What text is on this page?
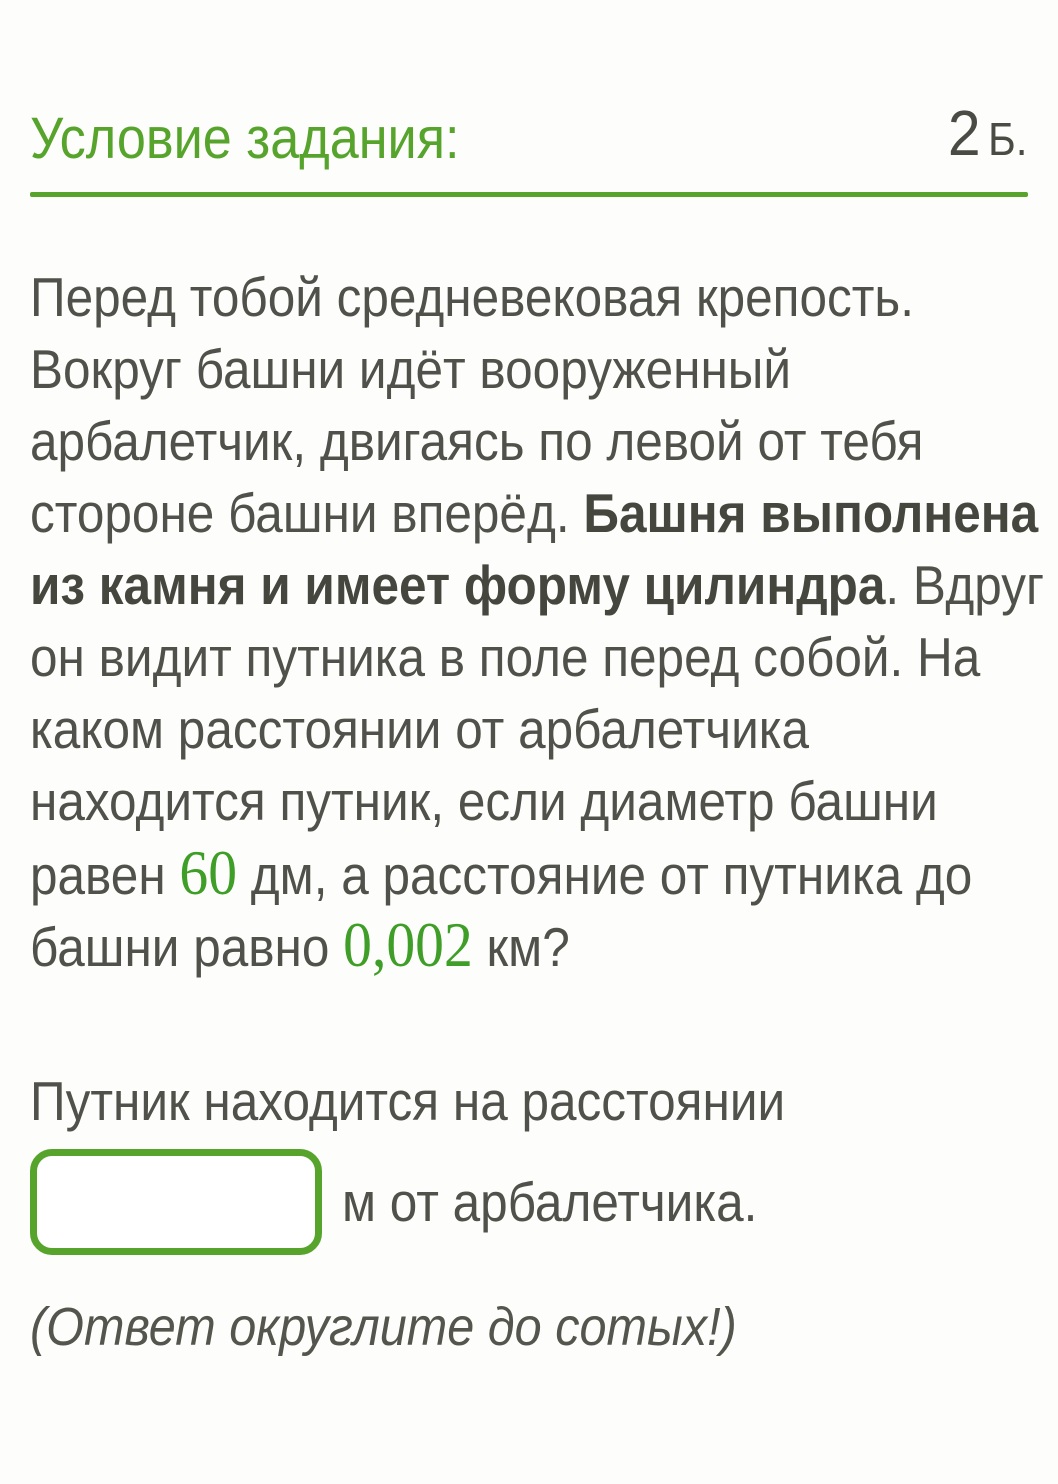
Условие задания:	2 Б.
Перед тобой средневековая крепость.
Вокруг башни идёт вооруженный
арбалетчик, двигаясь по левой от тебя
стороне башни вперёд. Башня выполнена
из камня и имеет форму цилиндра. Вдруг
он видит путника в поле перед собой. На
каком расстоянии от арбалетчика
находится путник, если диаметр башни
равен 60 дм, а расстояние от путника до
башни равно 0,002 км?
Путник находится на расстоянии
м от арбалетчика.
(Ответ округлите до сотых!)
